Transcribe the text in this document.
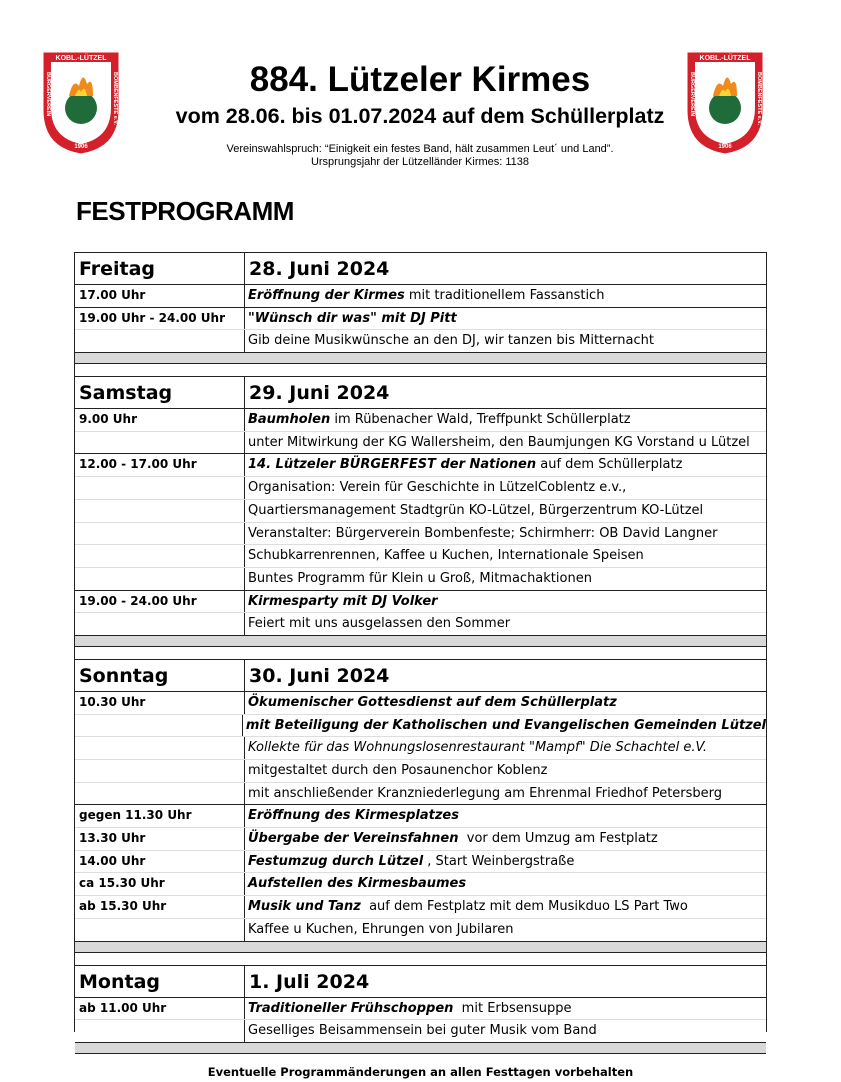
KOBL.-LÜTZEL
1906
BÜRGERVEREIN	BOMBENFESTE e.V.
KOBL.-LÜTZEL
1906
BÜRGERVEREIN	BOMBENFESTE e.V.
884. Lützeler Kirmes
vom 28.06. bis 01.07.2024 auf dem Schüllerplatz
Vereinswahlspruch: “Einigkeit ein festes Band, hält zusammen Leut´ und Land”.
Ursprungsjahr der Lützelländer Kirmes: 1138
FESTPROGRAMM
Freitag	28. Juni 2024
17.00 Uhr	Eröffnung der Kirmes mit traditionellem Fassanstich
19.00 Uhr - 24.00 Uhr	"Wünsch dir was" mit DJ Pitt
Gib deine Musikwünsche an den DJ, wir tanzen bis Mitternacht
Samstag	29. Juni 2024
9.00 Uhr	Baumholen im Rübenacher Wald, Treffpunkt Schüllerplatz
unter Mitwirkung der KG Wallersheim, den Baumjungen KG Vorstand u Lützel
12.00 - 17.00 Uhr	14. Lützeler BÜRGERFEST der Nationen auf dem Schüllerplatz
Organisation: Verein für Geschichte in LützelCoblentz e.v.,
Quartiersmanagement Stadtgrün KO-Lützel, Bürgerzentrum KO-Lützel
Veranstalter: Bürgerverein Bombenfeste; Schirmherr: OB David Langner
Schubkarrenrennen, Kaffee u Kuchen, Internationale Speisen
Buntes Programm für Klein u Groß, Mitmachaktionen
19.00 - 24.00 Uhr	Kirmesparty mit DJ Volker
Feiert mit uns ausgelassen den Sommer
Sonntag	30. Juni 2024
10.30 Uhr	Ökumenischer Gottesdienst auf dem Schüllerplatz
mit Beteiligung der Katholischen und Evangelischen Gemeinden Lützel
Kollekte für das Wohnungslosenrestaurant "Mampf" Die Schachtel e.V.
mitgestaltet durch den Posaunenchor Koblenz
mit anschließender Kranzniederlegung am Ehrenmal Friedhof Petersberg
gegen 11.30 Uhr	Eröffnung des Kirmesplatzes
13.30 Uhr	Übergabe der Vereinsfahnen  vor dem Umzug am Festplatz
14.00 Uhr	Festumzug durch Lützel , Start Weinbergstraße
ca 15.30 Uhr	Aufstellen des Kirmesbaumes
ab 15.30 Uhr	Musik und Tanz  auf dem Festplatz mit dem Musikduo LS Part Two
Kaffee u Kuchen, Ehrungen von Jubilaren
Montag	1. Juli 2024
ab 11.00 Uhr	Traditioneller Frühschoppen  mit Erbsensuppe
Geselliges Beisammensein bei guter Musik vom Band
Eventuelle Programmänderungen an allen Festtagen vorbehalten
